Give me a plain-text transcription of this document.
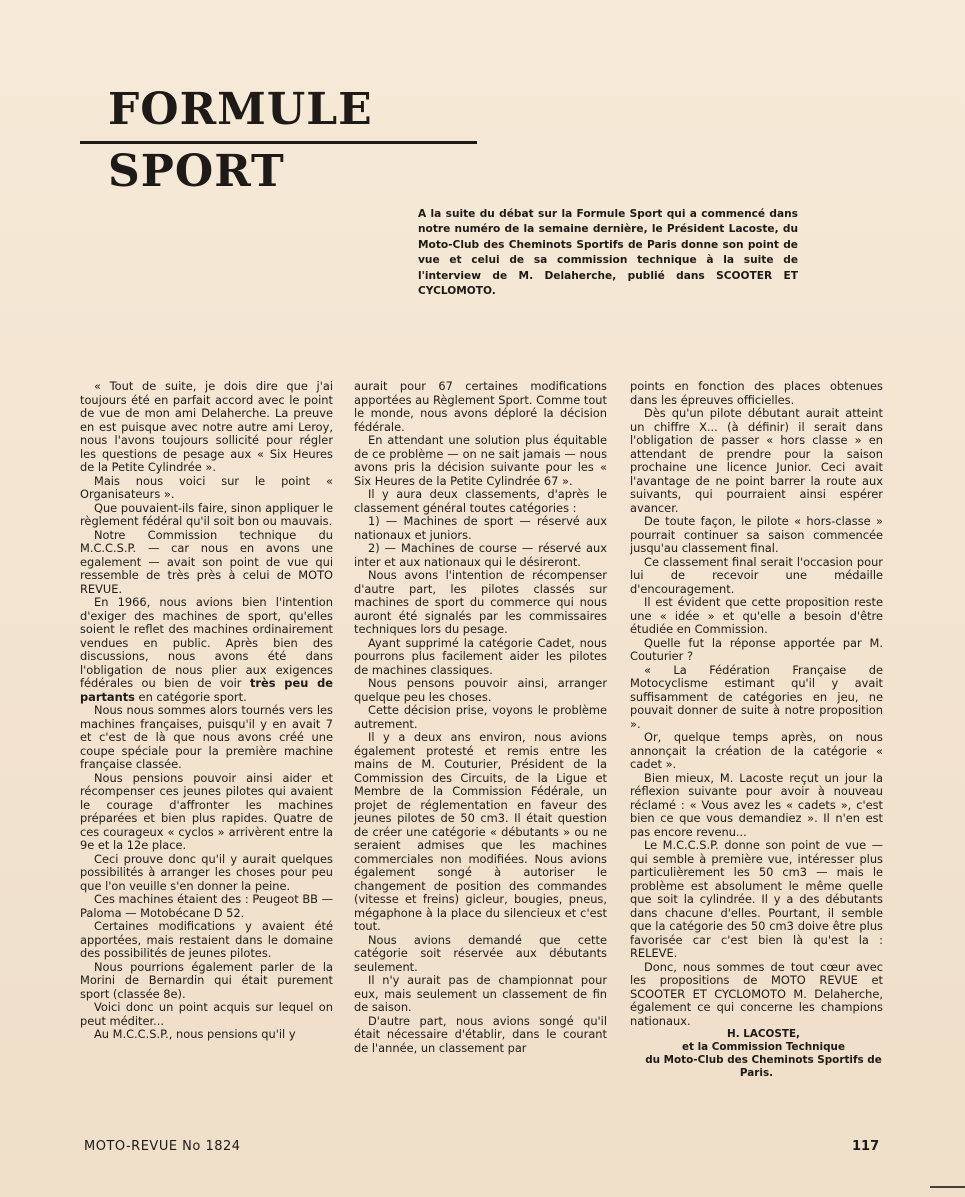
FORMULE
SPORT

A la suite du débat sur la Formule Sport qui a commencé dans notre numéro de la semaine dernière, le Président Lacoste, du Moto-Club des Cheminots Sportifs de Paris donne son point de vue et celui de sa commission technique à la suite de l'interview de M. Delaherche, publié dans SCOOTER ET CYCLOMOTO.

« Tout de suite, je dois dire que j'ai toujours été en parfait accord avec le point de vue de mon ami Delaherche. La preuve en est puisque avec notre autre ami Leroy, nous l'avons toujours sollicité pour régler les questions de pesage aux « Six Heures de la Petite Cylindrée ».

Mais nous voici sur le point « Organisateurs ».

Que pouvaient-ils faire, sinon appliquer le règlement fédéral qu'il soit bon ou mauvais.

Notre Commission technique du M.C.C.S.P. — car nous en avons une egalement — avait son point de vue qui ressemble de très près à celui de MOTO REVUE.

En 1966, nous avions bien l'intention d'exiger des machines de sport, qu'elles soient le reflet des machines ordinairement vendues en public. Après bien des discussions, nous avons été dans l'obligation de nous plier aux exigences fédérales ou bien de voir très peu de partants en catégorie sport.

Nous nous sommes alors tournés vers les machines françaises, puisqu'il y en avait 7 et c'est de là que nous avons créé une coupe spéciale pour la première machine française classée.

Nous pensions pouvoir ainsi aider et récompenser ces jeunes pilotes qui avaient le courage d'affronter les machines préparées et bien plus rapides. Quatre de ces courageux « cyclos » arrivèrent entre la 9e et la 12e place.

Ceci prouve donc qu'il y aurait quelques possibilités à arranger les choses pour peu que l'on veuille s'en donner la peine.

Ces machines étaient des : Peugeot BB — Paloma — Motobécane D 52.

Certaines modifications y avaient été apportées, mais restaient dans le domaine des possibilités de jeunes pilotes.

Nous pourrions également parler de la Morini de Bernardin qui était purement sport (classée 8e).

Voici donc un point acquis sur lequel on peut méditer...

Au M.C.C.S.P., nous pensions qu'il y

aurait pour 67 certaines modifications apportées au Règlement Sport. Comme tout le monde, nous avons déploré la décision fédérale.

En attendant une solution plus équitable de ce problème — on ne sait jamais — nous avons pris la décision suivante pour les « Six Heures de la Petite Cylindrée 67 ».

Il y aura deux classements, d'après le classement général toutes catégories :

1) — Machines de sport — réservé aux nationaux et juniors.

2) — Machines de course — réservé aux inter et aux nationaux qui le désireront.

Nous avons l'intention de récompenser d'autre part, les pilotes classés sur machines de sport du commerce qui nous auront été signalés par les commissaires techniques lors du pesage.

Ayant supprimé la catégorie Cadet, nous pourrons plus facilement aider les pilotes de machines classiques.

Nous pensons pouvoir ainsi, arranger quelque peu les choses.

Cette décision prise, voyons le problème autrement.

Il y a deux ans environ, nous avions également protesté et remis entre les mains de M. Couturier, Président de la Commission des Circuits, de la Ligue et Membre de la Commission Fédérale, un projet de réglementation en faveur des jeunes pilotes de 50 cm3. Il était question de créer une catégorie « débutants » ou ne seraient admises que les machines commerciales non modifiées. Nous avions également songé à autoriser le changement de position des commandes (vitesse et freins) gicleur, bougies, pneus, mégaphone à la place du silencieux et c'est tout.

Nous avions demandé que cette catégorie soit réservée aux débutants seulement.

Il n'y aurait pas de championnat pour eux, mais seulement un classement de fin de saison.

D'autre part, nous avions songé qu'il était nécessaire d'établir, dans le courant de l'année, un classement par

points en fonction des places obtenues dans les épreuves officielles.

Dès qu'un pilote débutant aurait atteint un chiffre X... (à définir) il serait dans l'obligation de passer « hors classe » en attendant de prendre pour la saison prochaine une licence Junior. Ceci avait l'avantage de ne point barrer la route aux suivants, qui pourraient ainsi espérer avancer.

De toute façon, le pilote « hors-classe » pourrait continuer sa saison commencée jusqu'au classement final.

Ce classement final serait l'occasion pour lui de recevoir une médaille d'encouragement.

Il est évident que cette proposition reste une « idée » et qu'elle a besoin d'être étudiée en Commission.

Quelle fut la réponse apportée par M. Couturier ?

« La Fédération Française de Motocyclisme estimant qu'il y avait suffisamment de catégories en jeu, ne pouvait donner de suite à notre proposition ».

Or, quelque temps après, on nous annonçait la création de la catégorie « cadet ».

Bien mieux, M. Lacoste reçut un jour la réflexion suivante pour avoir à nouveau réclamé : « Vous avez les « cadets », c'est bien ce que vous demandiez ». Il n'en est pas encore revenu...

Le M.C.C.S.P. donne son point de vue — qui semble à première vue, intéresser plus particulièrement les 50 cm3 — mais le problème est absolument le même quelle que soit la cylindrée. Il y a des débutants dans chacune d'elles. Pourtant, il semble que la catégorie des 50 cm3 doive être plus favorisée car c'est bien là qu'est la : RELEVE.

Donc, nous sommes de tout cœur avec les propositions de MOTO REVUE et SCOOTER ET CYCLOMOTO M. Delaherche, également ce qui concerne les champions nationaux.

H. LACOSTE,

et la Commission Technique

du Moto-Club des Cheminots Sportifs de Paris.

MOTO-REVUE No 1824	117
